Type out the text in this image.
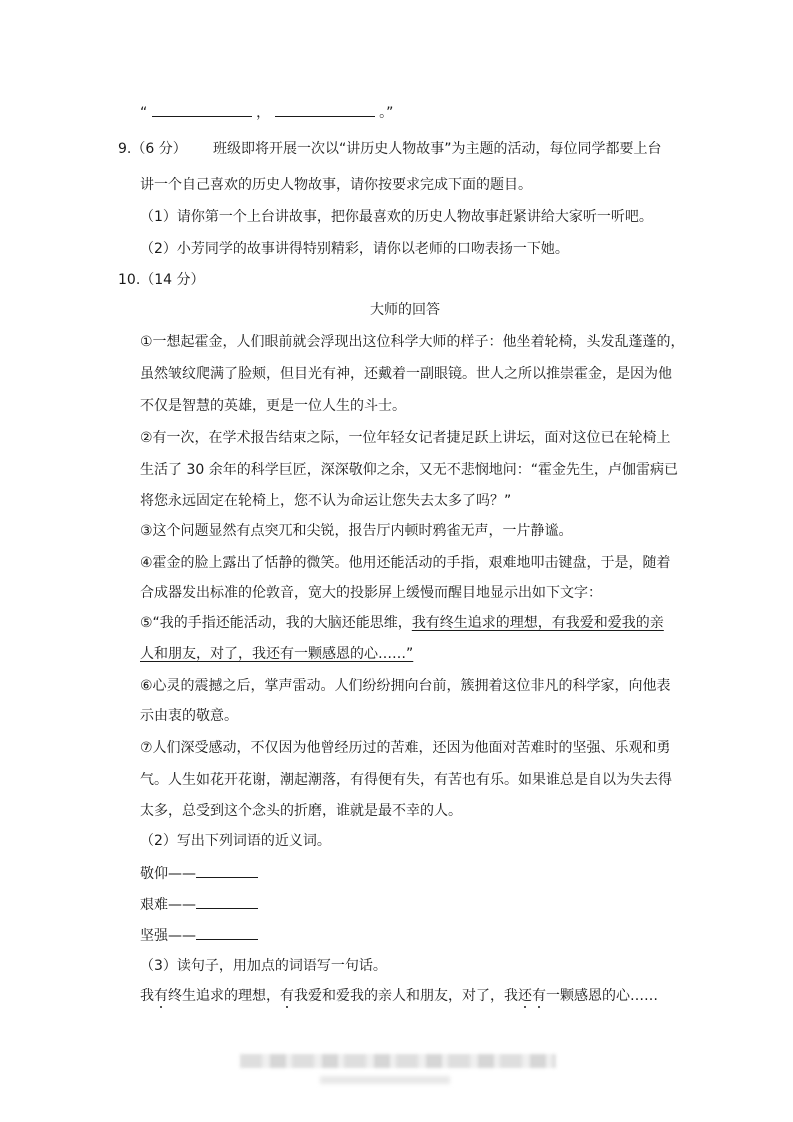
“	，	。”
9.（6 分） 班级即将开展一次以“讲历史人物故事”为主题的活动，每位同学都要上台
讲一个自己喜欢的历史人物故事，请你按要求完成下面的题目。
（1）请你第一个上台讲故事，把你最喜欢的历史人物故事赶紧讲给大家听一听吧。
（2）小芳同学的故事讲得特别精彩，请你以老师的口吻表扬一下她。
10.（14 分）
大师的回答
①一想起霍金，人们眼前就会浮现出这位科学大师的样子：他坐着轮椅，头发乱蓬蓬的，
虽然皱纹爬满了脸颊，但目光有神，还戴着一副眼镜。世人之所以推崇霍金，是因为他
不仅是智慧的英雄，更是一位人生的斗士。
②有一次，在学术报告结束之际，一位年轻女记者捷足跃上讲坛，面对这位已在轮椅上
生活了 30 余年的科学巨匠，深深敬仰之余，又无不悲悯地问：“霍金先生，卢伽雷病已
将您永远固定在轮椅上，您不认为命运让您失去太多了吗？”
③这个问题显然有点突兀和尖锐，报告厅内顿时鸦雀无声，一片静谧。
④霍金的脸上露出了恬静的微笑。他用还能活动的手指，艰难地叩击键盘，于是，随着
合成器发出标准的伦敦音，宽大的投影屏上缓慢而醒目地显示出如下文字：
⑤“我的手指还能活动，我的大脑还能思维，我有终生追求的理想，有我爱和爱我的亲
人和朋友，对了，我还有一颗感恩的心……”
⑥心灵的震撼之后，掌声雷动。人们纷纷拥向台前，簇拥着这位非凡的科学家，向他表
示由衷的敬意。
⑦人们深受感动，不仅因为他曾经历过的苦难，还因为他面对苦难时的坚强、乐观和勇
气。人生如花开花谢，潮起潮落，有得便有失，有苦也有乐。如果谁总是自以为失去得
太多，总受到这个念头的折磨，谁就是最不幸的人。
（2）写出下列词语的近义词。
敬仰——
艰难——
坚强——
（3）读句子，用加点的词语写一句话。
我有终生追求的理想，有我爱和爱我的亲人和朋友，对了，我还有一颗感恩的心……
